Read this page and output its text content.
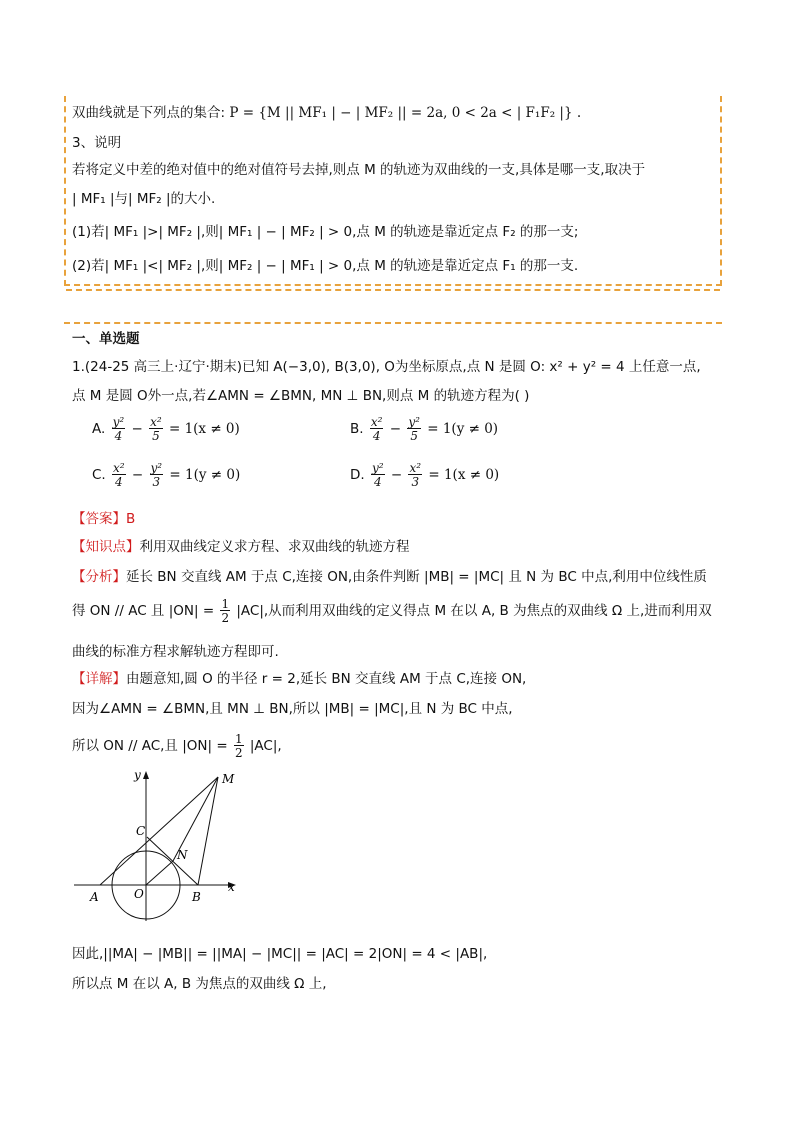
双曲线就是下列点的集合: P = {M || MF₁ | − | MF₂ || = 2a, 0 < 2a < | F₁F₂ |} .
3、说明
若将定义中差的绝对值中的绝对值符号去掉,则点 M 的轨迹为双曲线的一支,具体是哪一支,取决于
| MF₁ |与| MF₂ |的大小.
(1)若| MF₁ |>| MF₂ |,则| MF₁ | − | MF₂ | > 0,点 M 的轨迹是靠近定点 F₂ 的那一支;
(2)若| MF₁ |<| MF₂ |,则| MF₂ | − | MF₁ | > 0,点 M 的轨迹是靠近定点 F₁ 的那一支.
一、单选题
1.(24-25 高三上·辽宁·期末)已知 A(−3,0), B(3,0), O为坐标原点,点 N 是圆 O: x² + y² = 4 上任意一点,
点 M 是圆 O外一点,若∠AMN = ∠BMN, MN ⊥ BN,则点 M 的轨迹方程为( )
A. $\frac{\text{y²}}{4} - \frac{\text{x²}}{5} = 1(x \ne 0)$	B. $\frac{\text{x²}}{4} - \frac{\text{y²}}{5} = 1(y \ne 0)$
C. $\frac{\text{x²}}{4} - \frac{\text{y²}}{3} = 1(y \ne 0)$	D. $\frac{\text{y²}}{4} - \frac{\text{x²}}{3} = 1(x \ne 0)$
【答案】B
【知识点】利用双曲线定义求方程、求双曲线的轨迹方程
【分析】延长 BN 交直线 AM 于点 C,连接 ON,由条件判断 |MB| = |MC| 且 N 为 BC 中点,利用中位线性质
得 ON // AC 且 $|ON| = \frac{1}{2} |AC|$,从而利用双曲线的定义得点 M 在以 A, B 为焦点的双曲线 Ω 上,进而利用双
曲线的标准方程求解轨迹方程即可.
【详解】由题意知,圆 O 的半径 r = 2,延长 BN 交直线 AM 于点 C,连接 ON,
因为∠AMN = ∠BMN,且 MN ⊥ BN,所以 |MB| = |MC|,且 N 为 BC 中点,
所以 ON // AC,且 $|ON| = \frac{1}{2} |AC|$,
y
x
M
C
N
A	O	B
因此,||MA| − |MB|| = ||MA| − |MC|| = |AC| = 2|ON| = 4 < |AB|,
所以点 M 在以 A, B 为焦点的双曲线 Ω 上,
